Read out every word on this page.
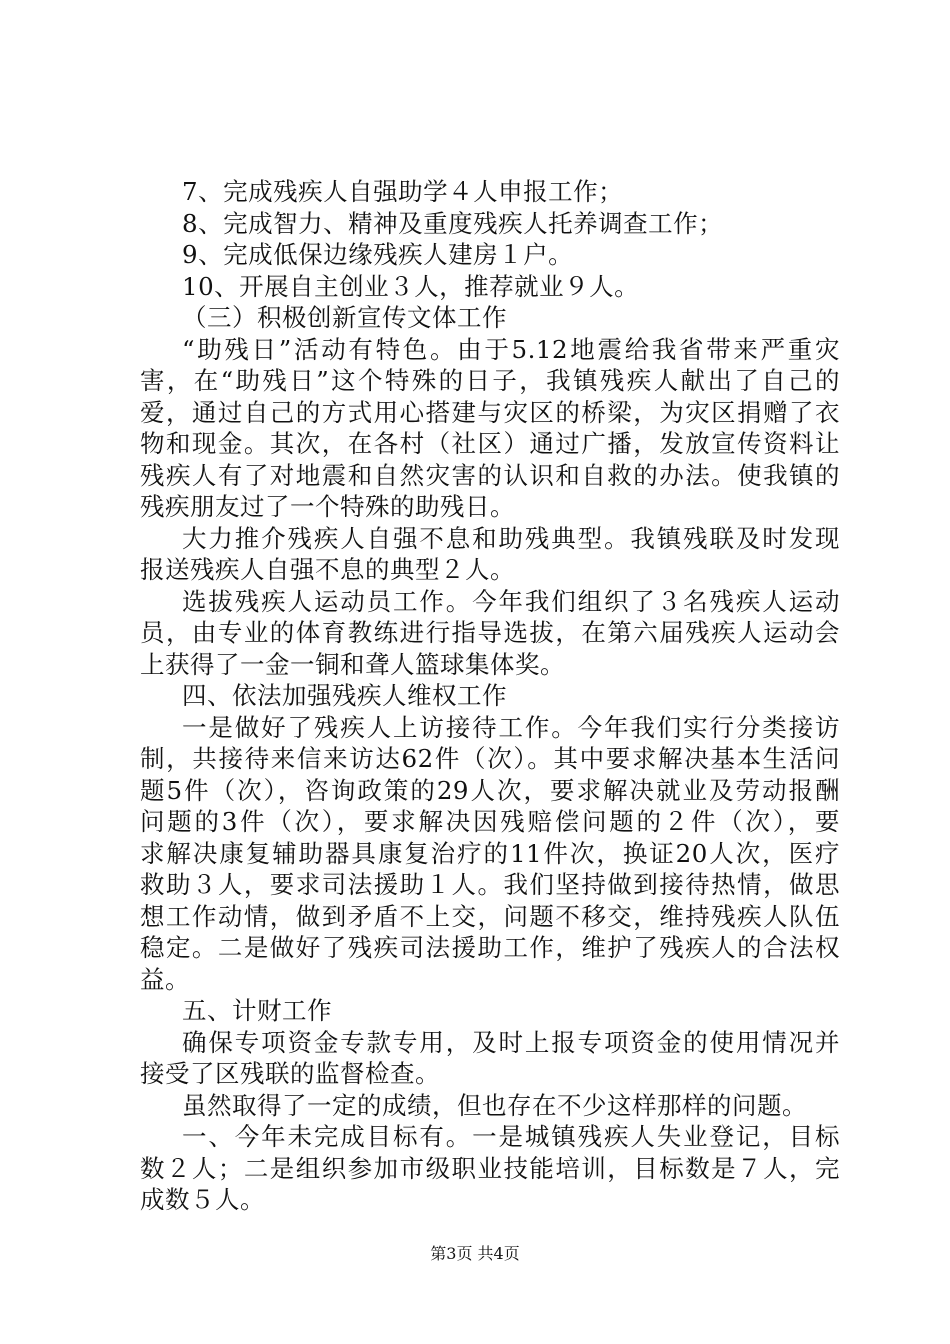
7、完成残疾人自强助学４人申报工作；
8、完成智力、精神及重度残疾人托养调查工作；
9、完成低保边缘残疾人建房１户。
10、开展自主创业３人，推荐就业９人。
（三）积极创新宣传文体工作
“助残日”活动有特色。由于5.12地震给我省带来严重灾
害，在“助残日”这个特殊的日子，我镇残疾人献出了自己的
爱，通过自己的方式用心搭建与灾区的桥梁，为灾区捐赠了衣
物和现金。其次，在各村（社区）通过广播，发放宣传资料让
残疾人有了对地震和自然灾害的认识和自救的办法。使我镇的
残疾朋友过了一个特殊的助残日。
大力推介残疾人自强不息和助残典型。我镇残联及时发现
报送残疾人自强不息的典型２人。
选拔残疾人运动员工作。今年我们组织了３名残疾人运动
员，由专业的体育教练进行指导选拔，在第六届残疾人运动会
上获得了一金一铜和聋人篮球集体奖。
四、依法加强残疾人维权工作
一是做好了残疾人上访接待工作。今年我们实行分类接访
制，共接待来信来访达62件（次）。其中要求解决基本生活问
题5件（次），咨询政策的29人次，要求解决就业及劳动报酬
问题的3件（次），要求解决因残赔偿问题的２件（次），要
求解决康复辅助器具康复治疗的11件次，换证20人次，医疗
救助３人，要求司法援助１人。我们坚持做到接待热情，做思
想工作动情，做到矛盾不上交，问题不移交，维持残疾人队伍
稳定。二是做好了残疾司法援助工作，维护了残疾人的合法权
益。
五、计财工作
确保专项资金专款专用，及时上报专项资金的使用情况并
接受了区残联的监督检查。
虽然取得了一定的成绩，但也存在不少这样那样的问题。
一、今年未完成目标有。一是城镇残疾人失业登记，目标
数２人；二是组织参加市级职业技能培训，目标数是７人，完
成数５人。
第3页 共4页
